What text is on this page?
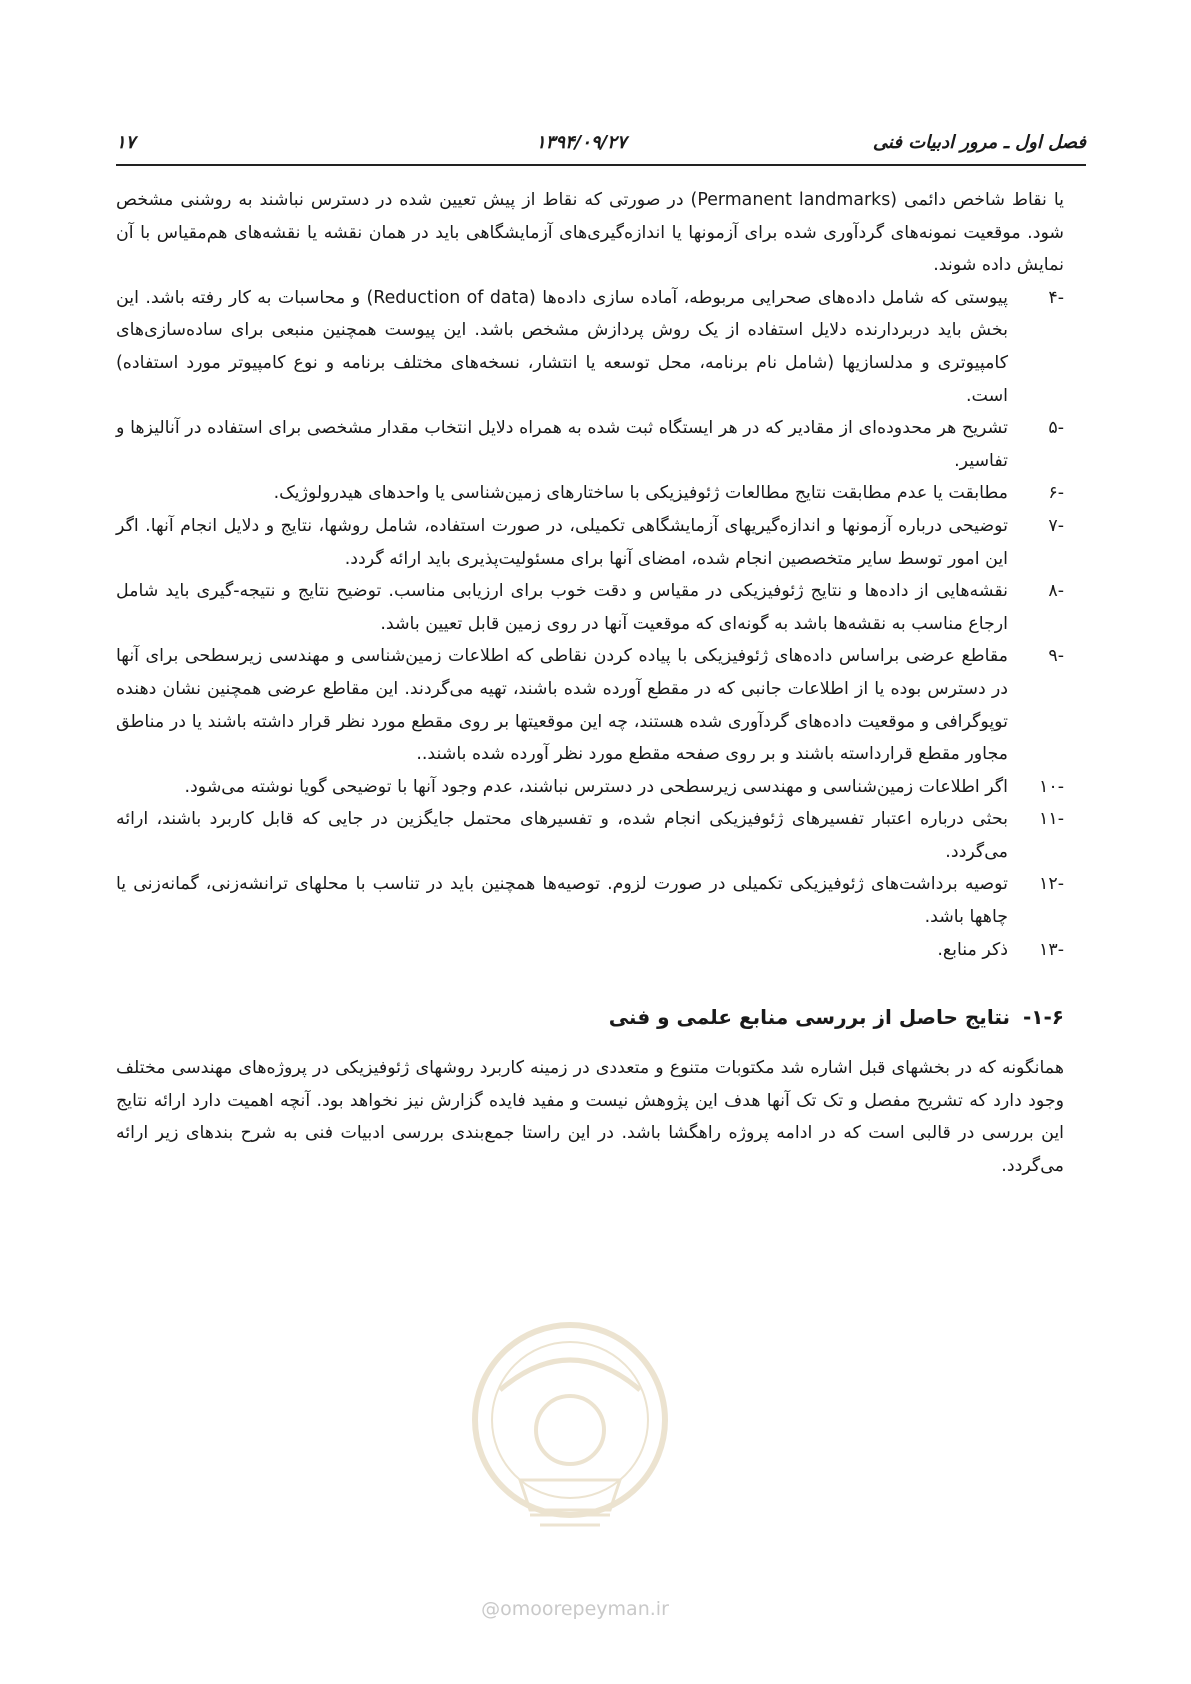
فصل اول ـ مرور ادبیات فنی
۱۳۹۴/۰۹/۲۷
۱۷

یا نقاط شاخص دائمی (Permanent landmarks) در صورتی که نقاط از پیش تعیین شده در دسترس نباشند به روشنی مشخص شود. موقعیت نمونه‌های گردآوری شده برای آزمونها یا اندازه‌گیری‌های آزمایشگاهی باید در همان نقشه یا نقشه‌های هم‌مقیاس با آن نمایش داده شوند.

-۴

پیوستی که شامل داده‌های صحرایی مربوطه، آماده سازی داده‌ها (Reduction of data) و محاسبات به کار رفته باشد. این بخش باید دربردارنده دلایل استفاده از یک روش پردازش مشخص باشد. این پیوست همچنین منبعی برای ساده‌سازی‌های کامپیوتری و مدلسازیها (شامل نام برنامه، محل توسعه یا انتشار، نسخه‌های مختلف برنامه و نوع کامپیوتر مورد استفاده) است.

-۵

تشریح هر محدوده‌ای از مقادیر که در هر ایستگاه ثبت شده به همراه دلایل انتخاب مقدار مشخصی برای استفاده در آنالیزها و تفاسیر.

-۶

مطابقت یا عدم مطابقت نتایج مطالعات ژئوفیزیکی با ساختارهای زمین‌شناسی یا واحدهای هیدرولوژیک.

-۷

توضیحی درباره آزمونها و اندازه‌گیریهای آزمایشگاهی تکمیلی، در صورت استفاده، شامل روشها، نتایج و دلایل انجام آنها. اگر این امور توسط سایر متخصصین انجام شده، امضای آنها برای مسئولیت‌پذیری باید ارائه گردد.

-۸

نقشه‌هایی از داده‌ها و نتایج ژئوفیزیکی در مقیاس و دقت خوب برای ارزیابی مناسب. توضیح نتایج و نتیجه-گیری باید شامل ارجاع مناسب به نقشه‌ها باشد به گونه‌ای که موقعیت آنها در روی زمین قابل تعیین باشد.

-۹

مقاطع عرضی براساس داده‌های ژئوفیزیکی با پیاده کردن نقاطی که اطلاعات زمین‌شناسی و مهندسی زیرسطحی برای آنها در دسترس بوده یا از اطلاعات جانبی که در مقطع آورده شده باشند، تهیه می‌گردند. این مقاطع عرضی همچنین نشان دهنده توپوگرافی و موقعیت داده‌های گردآوری شده هستند، چه این موقعیتها بر روی مقطع مورد نظر قرار داشته باشند یا در مناطق مجاور مقطع قرارداسته باشند و بر روی صفحه مقطع مورد نظر آورده شده باشند..

-۱۰

اگر اطلاعات زمین‌شناسی و مهندسی زیرسطحی در دسترس نباشند، عدم وجود آنها با توضیحی گویا نوشته می‌شود.

-۱۱

بحثی درباره اعتبار تفسیرهای ژئوفیزیکی انجام شده، و تفسیرهای محتمل جایگزین در جایی که قابل کاربرد باشند، ارائه می‌گردد.

-۱۲

توصیه برداشت‌های ژئوفیزیکی تکمیلی در صورت لزوم. توصیه‌ها همچنین باید در تناسب با محلهای ترانشه‌زنی، گمانه‌زنی یا چاهها باشد.

-۱۳

ذکر منابع.

۱-۶- نتایج حاصل از بررسی منابع علمی و فنی

همانگونه که در بخشهای قبل اشاره شد مکتوبات متنوع و متعددی در زمینه کاربرد روشهای ژئوفیزیکی در پروژه‌های مهندسی مختلف وجود دارد که تشریح مفصل و تک تک آنها هدف این پژوهش نیست و مفید فایده گزارش نیز نخواهد بود. آنچه اهمیت دارد ارائه نتایج این بررسی در قالبی است که در ادامه پروژه راهگشا باشد. در این راستا جمع‌بندی بررسی ادبیات فنی به شرح بندهای زیر ارائه می‌گردد.

@omoorepeyman.ir
